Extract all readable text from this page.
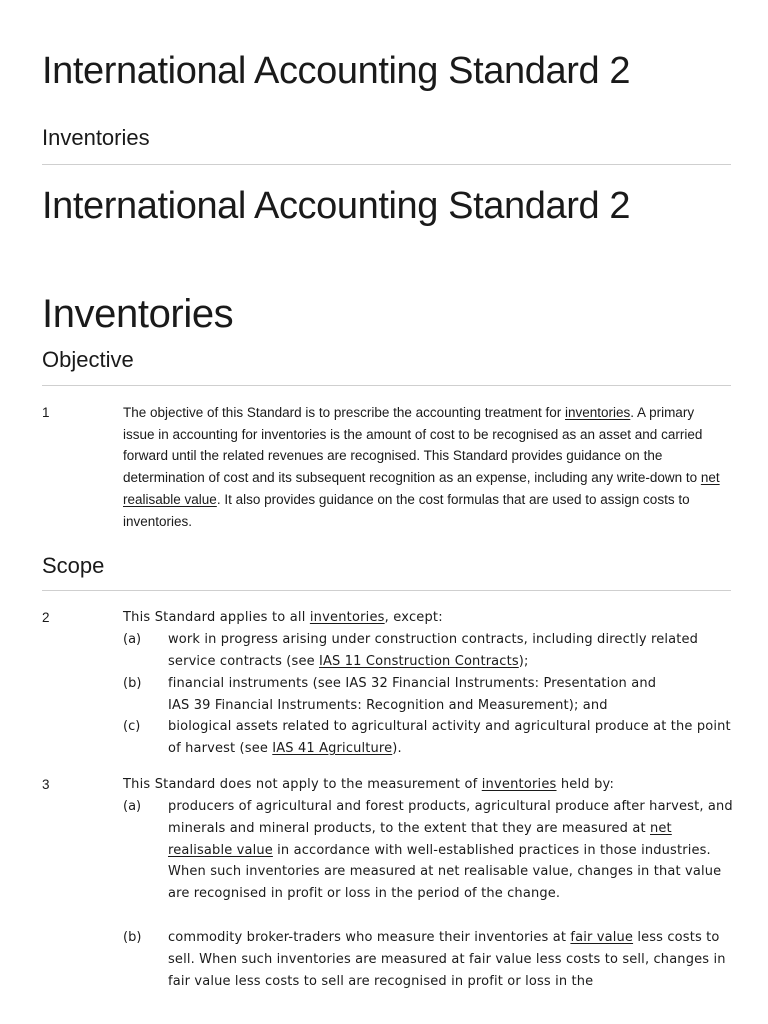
International Accounting Standard 2
Inventories
International Accounting Standard 2
Inventories
Objective
1	The objective of this Standard is to prescribe the accounting treatment for inventories. A primary issue in accounting for inventories is the amount of cost to be recognised as an asset and carried forward until the related revenues are recognised. This Standard provides guidance on the determination of cost and its subsequent recognition as an expense, including any write-down to net realisable value. It also provides guidance on the cost formulas that are used to assign costs to inventories.

Scope
2	This Standard applies to all inventories, except:

(a) work in progress arising under construction contracts, including directly related service contracts (see IAS 11 Construction Contracts);

(b) financial instruments (see IAS 32 Financial Instruments: Presentation and
IAS 39 Financial Instruments: Recognition and Measurement); and

(c) biological assets related to agricultural activity and agricultural produce at the point of harvest (see IAS 41 Agriculture).

3	This Standard does not apply to the measurement of inventories held by:

(a) producers of agricultural and forest products, agricultural produce after harvest, and minerals and mineral products, to the extent that they are measured at net realisable value in accordance with well-established practices in those industries. When such inventories are measured at net realisable value, changes in that value are recognised in profit or loss in the period of the change.

(b) commodity broker-traders who measure their inventories at fair value less costs to sell. When such inventories are measured at fair value less costs to sell, changes in fair value less costs to sell are recognised in profit or loss in the
